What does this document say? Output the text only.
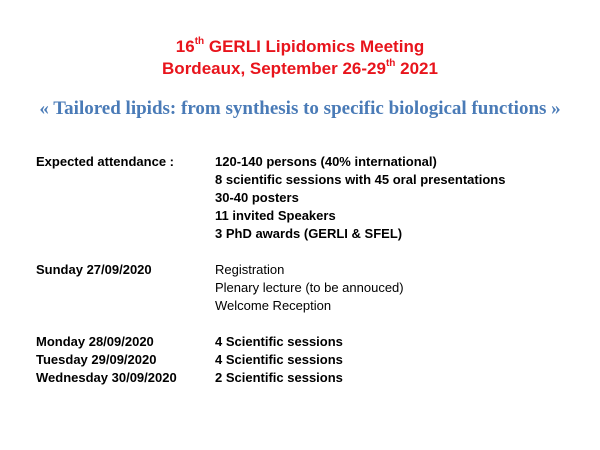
16th GERLI Lipidomics Meeting
Bordeaux, September 26-29th 2021
« Tailored lipids: from synthesis to specific biological functions »
Expected attendance :	120-140 persons (40% international)
8 scientific sessions with 45 oral presentations
30-40 posters
11 invited Speakers
3 PhD awards (GERLI & SFEL)
Sunday 27/09/2020	Registration
Plenary lecture (to be annouced)
Welcome Reception
Monday 28/09/2020	4 Scientific sessions
Tuesday 29/09/2020	4 Scientific sessions
Wednesday 30/09/2020	2 Scientific sessions
